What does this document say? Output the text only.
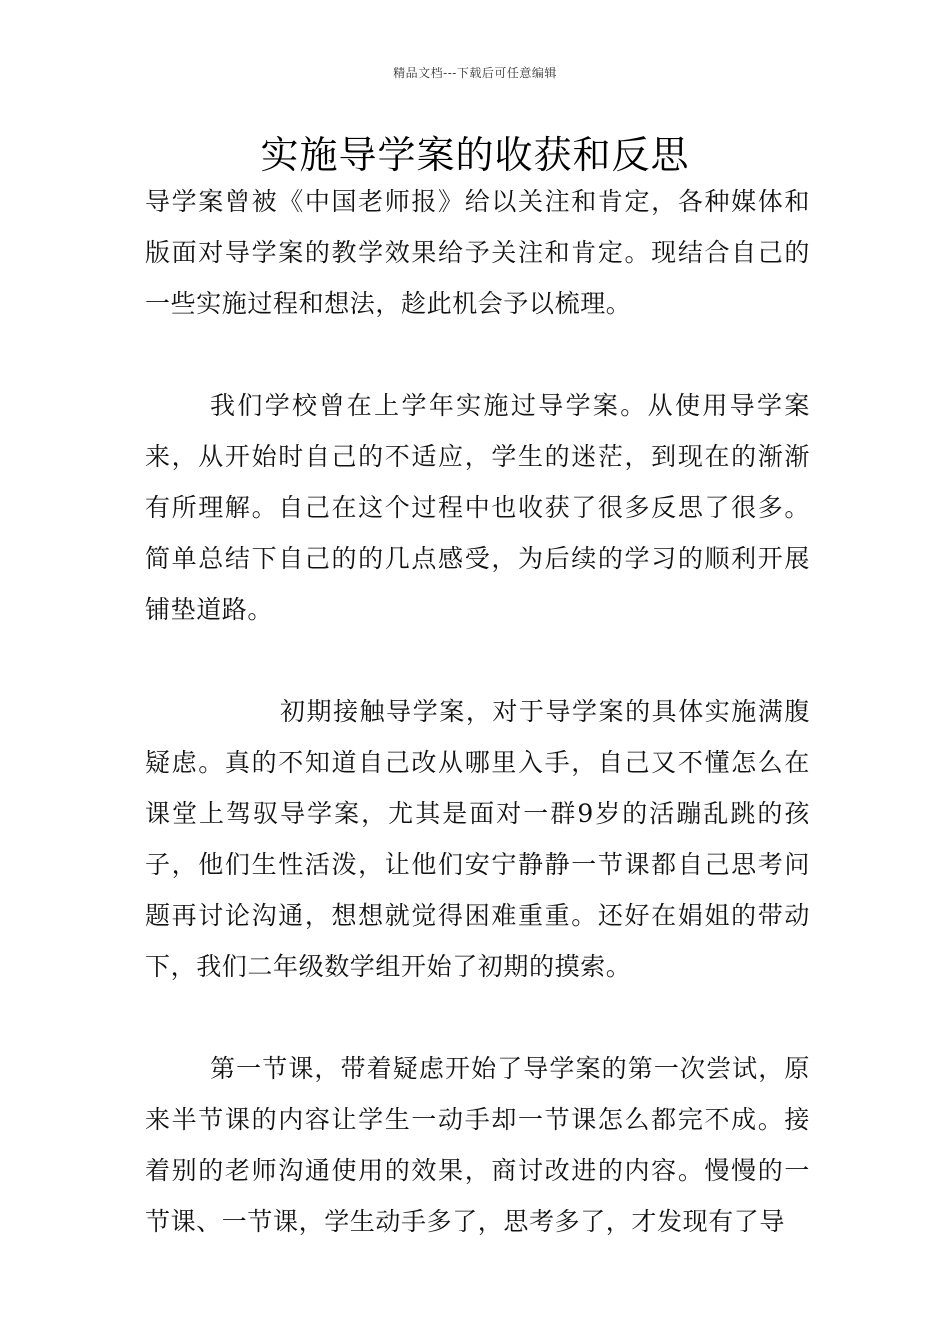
精品文档---下载后可任意编辑
实施导学案的收获和反思

导学案曾被《中国老师报》给以关注和肯定，各种媒体和版面对导学案的教学效果给予关注和肯定。现结合自己的一些实施过程和想法，趁此机会予以梳理。

我们学校曾在上学年实施过导学案。从使用导学案来，从开始时自己的不适应，学生的迷茫，到现在的渐渐有所理解。自己在这个过程中也收获了很多反思了很多。简单总结下自己的的几点感受，为后续的学习的顺利开展铺垫道路。

初期接触导学案，对于导学案的具体实施满腹疑虑。真的不知道自己改从哪里入手，自己又不懂怎么在课堂上驾驭导学案，尤其是面对一群9岁的活蹦乱跳的孩子，他们生性活泼，让他们安宁静静一节课都自己思考问题再讨论沟通，想想就觉得困难重重。还好在娟姐的带动下，我们二年级数学组开始了初期的摸索。

第一节课，带着疑虑开始了导学案的第一次尝试，原来半节课的内容让学生一动手却一节课怎么都完不成。接着别的老师沟通使用的效果，商讨改进的内容。慢慢的一节课、一节课，学生动手多了，思考多了，才发现有了导
